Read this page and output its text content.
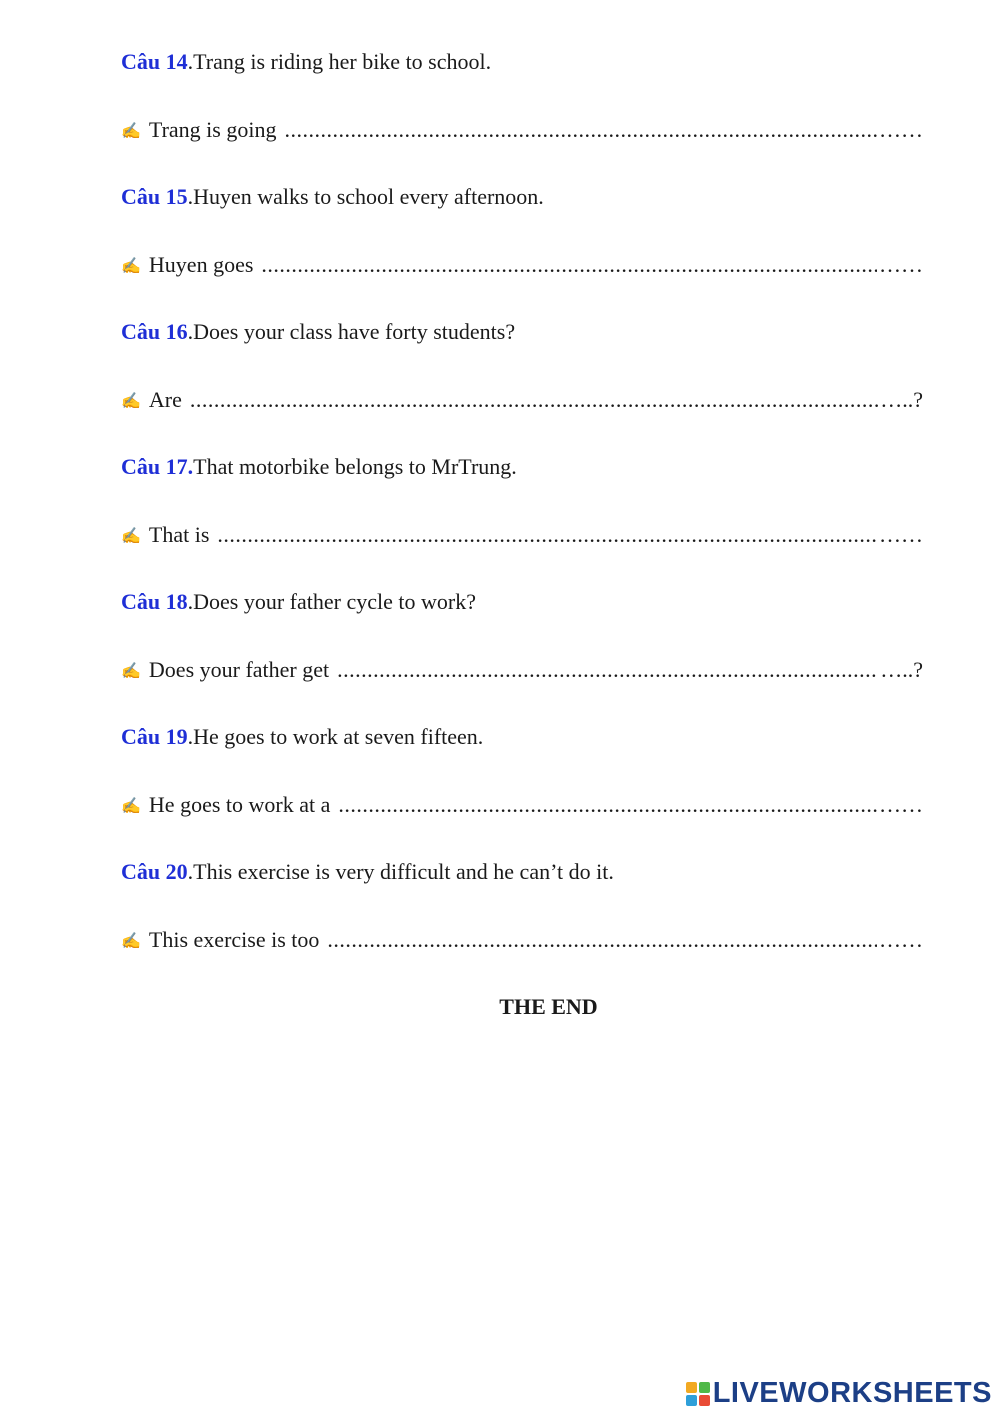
Câu 14.Trang is riding her bike to school.
✍ Trang is going .....	……
Câu 15.Huyen walks to school every afternoon.
✍ Huyen goes .....	……
Câu 16.Does your class have forty students?
✍ Are .....	…..?
Câu 17.That motorbike belongs to MrTrung.
✍ That is .....	……
Câu 18.Does your father cycle to work?
✍ Does your father get .....	…..?
Câu 19.He goes to work at seven fifteen.
✍ He goes to work at a .....	……
Câu 20.This exercise is very difficult and he can’t do it.
✍ This exercise is too .....	……
THE END
LIVEWORKSHEETS
